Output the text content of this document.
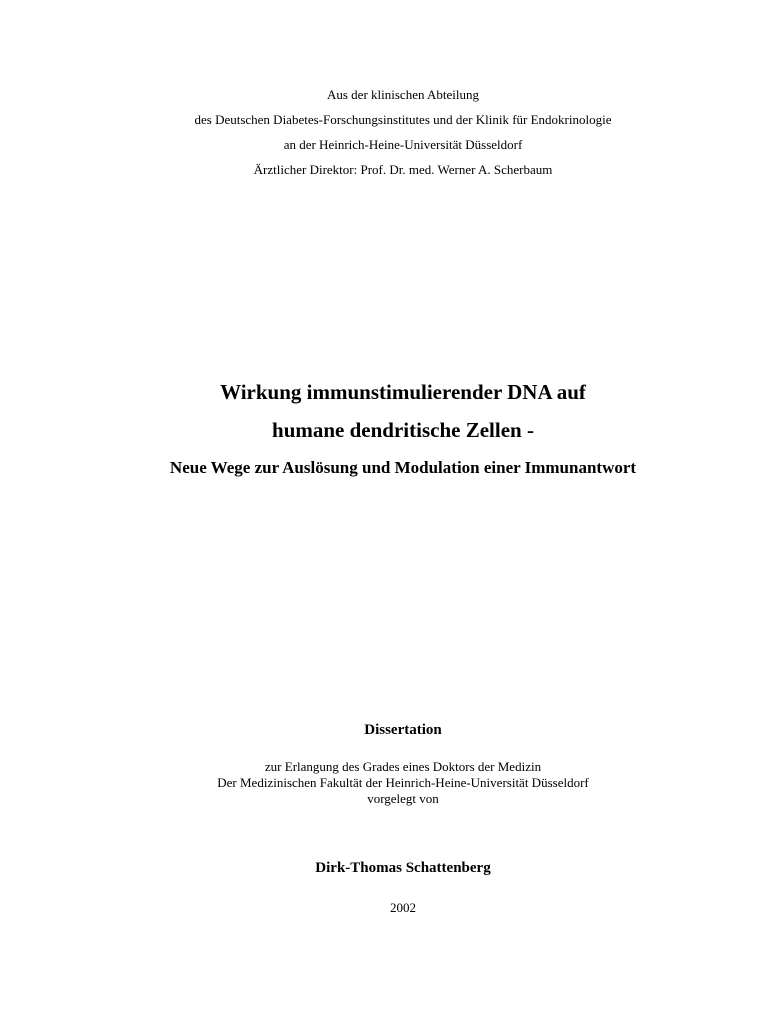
Aus der klinischen Abteilung
des Deutschen Diabetes-Forschungsinstitutes und der Klinik für Endokrinologie
an der Heinrich-Heine-Universität Düsseldorf
Ärztlicher Direktor: Prof. Dr. med. Werner A. Scherbaum
Wirkung immunstimulierender DNA auf
humane dendritische Zellen -
Neue Wege zur Auslösung und Modulation einer Immunantwort
Dissertation
zur Erlangung des Grades eines Doktors der Medizin
Der Medizinischen Fakultät der Heinrich-Heine-Universität Düsseldorf
vorgelegt von
Dirk-Thomas Schattenberg
2002
